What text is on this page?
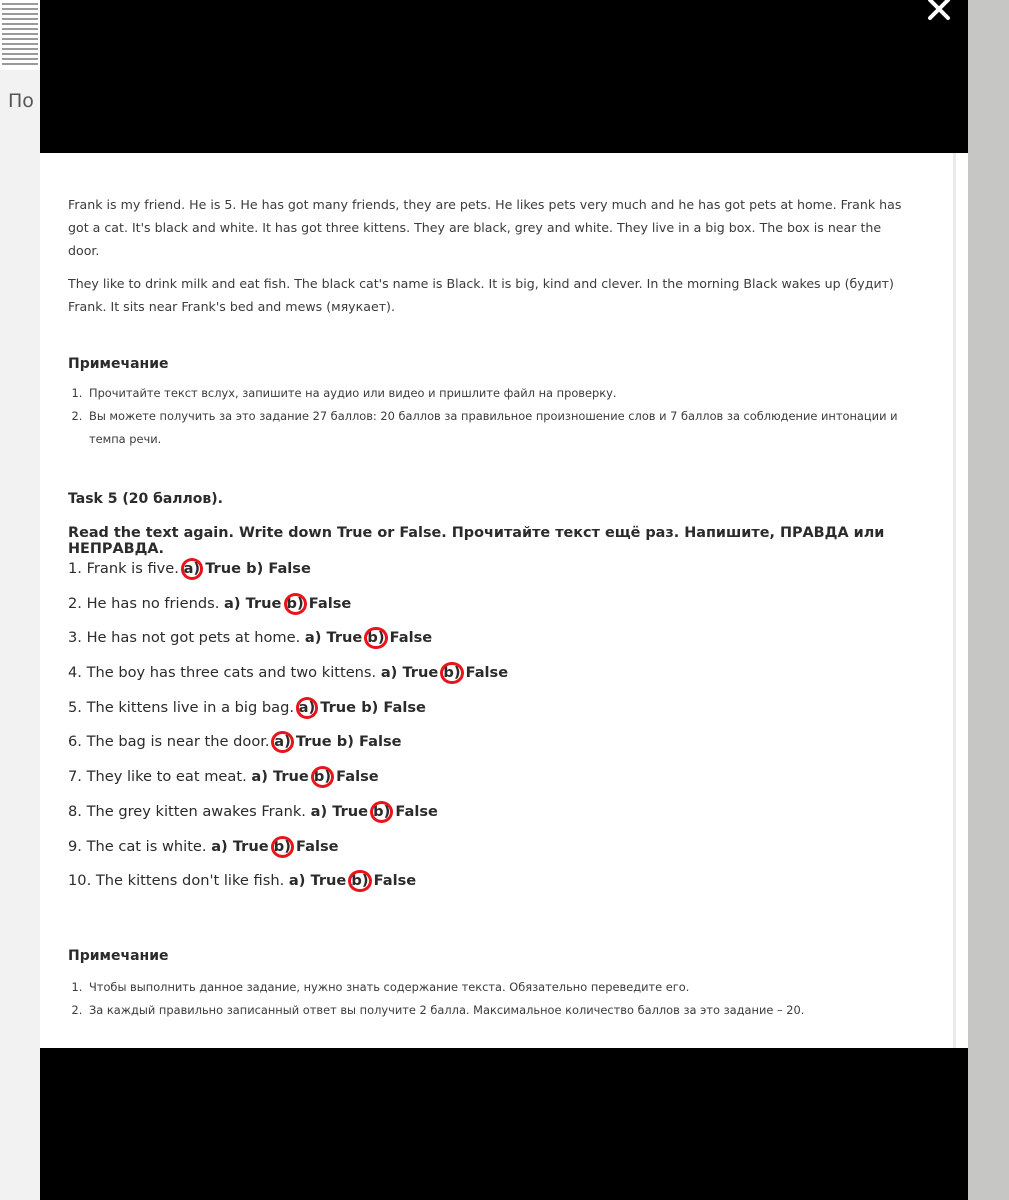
По

Frank is my friend. He is 5. He has got many friends, they are pets. He likes pets very much and he has got pets at home. Frank has got a cat. It's black and white. It has got three kittens. They are black, grey and white. They live in a big box. The box is near the door.

They like to drink milk and eat fish. The black cat's name is Black. It is big, kind and clever. In the morning Black wakes up (будит) Frank. It sits near Frank's bed and mews (мяукает).

Примечание
1. Прочитайте текст вслух, запишите на аудио или видео и пришлите файл на проверку.
2. Вы можете получить за это задание 27 баллов: 20 баллов за правильное произношение слов и 7 баллов за соблюдение интонации и темпа речи.
Task 5 (20 баллов).
Read the text again. Write down True or False. Прочитайте текст ещё раз. Напишите, ПРАВДА или НЕПРАВДА.
1. Frank is five. a) True b) False
2. He has no friends. a) True b) False
3. He has not got pets at home. a) True b) False
4. The boy has three cats and two kittens. a) True b) False
5. The kittens live in a big bag. a) True b) False
6. The bag is near the door. a) True b) False
7. They like to eat meat. a) True b) False
8. The grey kitten awakes Frank. a) True b) False
9. The cat is white. a) True b) False
10. The kittens don't like fish. a) True b) False
Примечание
1. Чтобы выполнить данное задание, нужно знать содержание текста. Обязательно переведите его.
2. За каждый правильно записанный ответ вы получите 2 балла. Максимальное количество баллов за это задание – 20.
